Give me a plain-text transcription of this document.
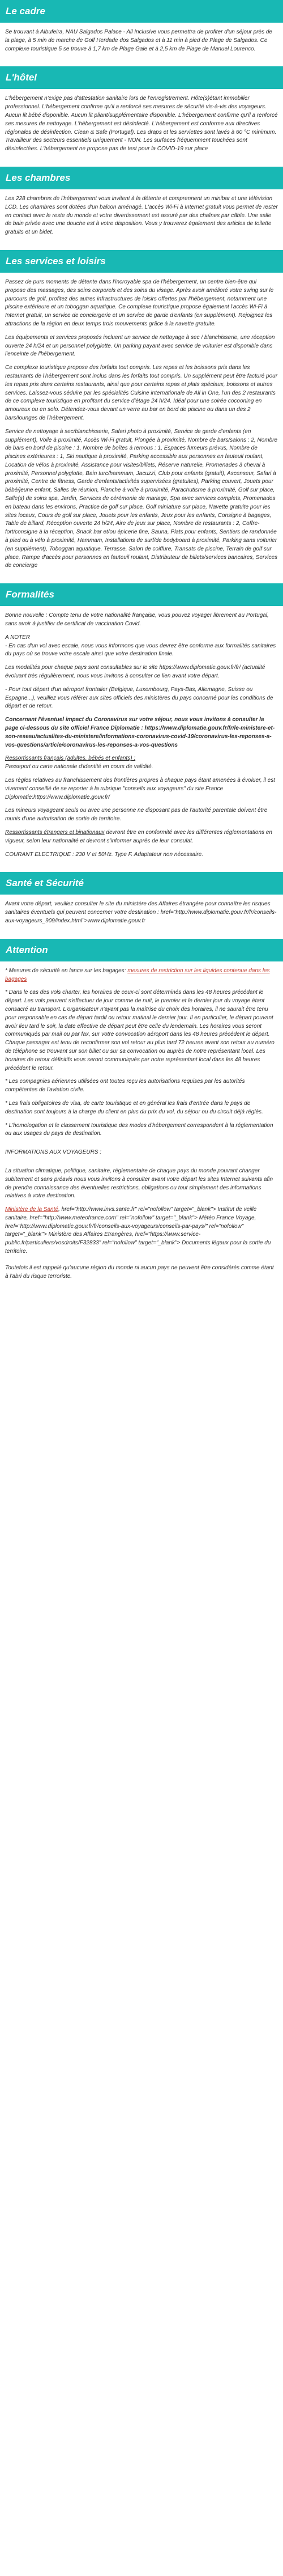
Le cadre

Se trouvant à Albufeira, NAU Salgados Palace - All Inclusive vous permettra de profiter d'un séjour près de la plage, à 5 min de marche de Golf Herdade dos Salgados et à 11 min à pied de Plage de Salgados. Ce complexe touristique 5 se trouve à 1,7 km de Plage Gale et à 2,5 km de Plage de Manuel Lourenco.

L'hôtel

L'hébergement n'exige pas d'attestation sanitaire lors de l'enregistrement. Hôte(s)étant immobilier professionnel. L'hébergement confirme qu'il a renforcé ses mesures de sécurité vis-à-vis des voyageurs. Aucun lit bébé disponible. Aucun lit pliant/supplémentaire disponible. L'hébergement confirme qu'il a renforcé ses mesures de nettoyage. L'hébergement est désinfecté. L'hébergement est conforme aux directives régionales de désinfection. Clean & Safe (Portugal). Les draps et les serviettes sont lavés à 60 °C minimum. Travailleur des secteurs essentiels uniquement - NON. Les surfaces fréquemment touchées sont désinfectées. L'hébergement ne propose pas de test pour la COVID-19 sur place

Les chambres

Les 228 chambres de l'hébergement vous invitent à la détente et comprennent un minibar et une télévision LCD. Les chambres sont dotées d'un balcon aménagé. L'accès Wi-Fi à Internet gratuit vous permet de rester en contact avec le reste du monde et votre divertissement est assuré par des chaînes par câble. Une salle de bain privée avec une douche est à votre disposition. Vous y trouverez également des articles de toilette gratuits et un bidet.

Les services et loisirs

Passez de purs moments de détente dans l'incroyable spa de l'hébergement, un centre bien-être qui propose des massages, des soins corporels et des soins du visage. Après avoir amélioré votre swing sur le parcours de golf, profitez des autres infrastructures de loisirs offertes par l'hébergement, notamment une piscine extérieure et un toboggan aquatique. Ce complexe touristique propose également l'accès Wi-Fi à Internet gratuit, un service de conciergerie et un service de garde d'enfants (en supplément). Rejoignez les attractions de la région en deux temps trois mouvements grâce à la navette gratuite.

Les équipements et services proposés incluent un service de nettoyage à sec / blanchisserie, une réception ouverte 24 h/24 et un personnel polyglotte. Un parking payant avec service de voiturier est disponible dans l'enceinte de l'hébergement.

Ce complexe touristique propose des forfaits tout compris. Les repas et les boissons pris dans les restaurants de l'hébergement sont inclus dans les forfaits tout compris. Un supplément peut être facturé pour les repas pris dans certains restaurants, ainsi que pour certains repas et plats spéciaux, boissons et autres services. Laissez-vous séduire par les spécialités Cuisine internationale de All in One, l'un des 2 restaurants de ce complexe touristique en profitant du service d'étage 24 h/24. Idéal pour une soirée cocooning en amoureux ou en solo. Détendez-vous devant un verre au bar en bord de piscine ou dans un des 2 bars/lounges de l'hébergement.

Service de nettoyage à sec/blanchisserie, Safari photo à proximité, Service de garde d'enfants (en supplément), Voile à proximité, Accès Wi-Fi gratuit, Plongée à proximité, Nombre de bars/salons : 2, Nombre de bars en bord de piscine : 1, Nombre de boîtes à remous : 1, Espaces fumeurs prévus, Nombre de piscines extérieures : 1, Ski nautique à proximité, Parking accessible aux personnes en fauteuil roulant, Location de vélos à proximité, Assistance pour visites/billets, Réserve naturelle, Promenades à cheval à proximité, Personnel polyglotte, Bain turc/hammam, Jacuzzi, Club pour enfants (gratuit), Ascenseur, Safari à proximité, Centre de fitness, Garde d'enfants/activités supervisées (gratuites), Parking couvert, Jouets pour bébé/jeune enfant, Salles de réunion, Planche à voile à proximité, Parachutisme à proximité, Golf sur place, Salle(s) de soins spa, Jardin, Services de cérémonie de mariage, Spa avec services complets, Promenades en bateau dans les environs, Practice de golf sur place, Golf miniature sur place, Navette gratuite pour les sites locaux, Cours de golf sur place, Jouets pour les enfants, Jeux pour les enfants, Consigne à bagages, Table de billard, Réception ouverte 24 h/24, Aire de jeux sur place, Nombre de restaurants : 2, Coffre-fort/consigne à la réception, Snack bar et/ou épicerie fine, Sauna, Plats pour enfants, Sentiers de randonnée à pied ou à vélo à proximité, Hammam, Installations de surf/de bodyboard à proximité, Parking sans voiturier (en supplément), Toboggan aquatique, Terrasse, Salon de coiffure, Transats de piscine, Terrain de golf sur place, Rampe d'accès pour personnes en fauteuil roulant, Distributeur de billets/services bancaires, Services de concierge

Formalités

Bonne nouvelle : Compte tenu de votre nationalité française, vous pouvez voyager librement au Portugal, sans avoir à justifier de certificat de vaccination Covid.

A NOTER

- En cas d'un vol avec escale, nous vous informons que vous devrez être conforme aux formalités sanitaires du pays où se trouve votre escale ainsi que votre destination finale.

Les modalités pour chaque pays sont consultables sur le site https://www.diplomatie.gouv.fr/fr/ (actualité évoluant très régulièrement, nous vous invitons à consulter ce lien avant votre départ.

- Pour tout départ d'un aéroport frontalier (Belgique, Luxembourg, Pays-Bas, Allemagne, Suisse ou Espagne...), veuillez vous référer aux sites officiels des ministères du pays concerné pour les conditions de départ et de retour.

Concernant l'éventuel impact du Coronavirus sur votre séjour, nous vous invitons à consulter la page ci-dessous du site officiel France Diplomatie : https://www.diplomatie.gouv.fr/fr/le-ministere-et-son-reseau/actualites-du-ministere/informations-coronavirus-covid-19/coronavirus-les-reponses-a-vos-questions/article/coronavirus-les-reponses-a-vos-questions

Ressortissants français (adultes, bébés et enfants) :

Passeport ou carte nationale d'identité en cours de validité.

Les règles relatives au franchissement des frontières propres à chaque pays étant amenées à évoluer, il est vivement conseillé de se reporter à la rubrique "conseils aux voyageurs" du site France Diplomatie:https://www.diplomatie.gouv.fr/

Les mineurs voyageant seuls ou avec une personne ne disposant pas de l'autorité parentale doivent être munis d'une autorisation de sortie de territoire.

Ressortissants étrangers et binationaux devront être en conformité avec les différentes réglementations en vigueur, selon leur nationalité et devront s'informer auprès de leur consulat.

COURANT ELECTRIQUE : 230 V et 50Hz. Type F. Adaptateur non nécessaire.

Santé et Sécurité

Avant votre départ, veuillez consulter le site du ministère des Affaires étrangère pour connaître les risques sanitaires éventuels qui peuvent concerner votre destination : href="http://www.diplomatie.gouv.fr/fr/conseils-aux-voyageurs_909/index.html">www.diplomatie.gouv.fr

Attention

* Mesures de sécurité en lance sur les bagages: mesures de restriction sur les liquides contenue dans les bagages

* Dans le cas des vols charter, les horaires de ceux-ci sont déterminés dans les 48 heures précédant le départ. Les vols peuvent s'effectuer de jour comme de nuit, le premier et le dernier jour du voyage étant consacré au transport. L'organisateur n'ayant pas la maîtrise du choix des horaires, il ne saurait être tenu pour responsable en cas de départ tardif ou retour matinal le dernier jour. Il en particulier, le départ pouvant avoir lieu tard le soir, la date effective de départ peut être celle du lendemain. Les horaires vous seront communiqués par mail ou par fax, sur votre convocation aéroport dans les 48 heures précédent le départ. Chaque passager est tenu de reconfirmer son vol retour au plus tard 72 heures avant son retour au numéro de téléphone se trouvant sur son billet ou sur sa convocation ou auprès de notre représentant local. Les horaires de retour définitifs vous seront communiqués par notre représentant local dans les 48 heures précédent le retour.

* Les compagnies aériennes utilisées ont toutes reçu les autorisations requises par les autorités compétentes de l'aviation civile.

* Les frais obligatoires de visa, de carte touristique et en général les frais d'entrée dans le pays de destination sont toujours à la charge du client en plus du prix du vol, du séjour ou du circuit déjà réglés.

* L'homologation et le classement touristique des modes d'hébergement correspondent à la réglementation ou aux usages du pays de destination.

INFORMATIONS AUX VOYAGEURS :

La situation climatique, politique, sanitaire, réglementaire de chaque pays du monde pouvant changer subitement et sans préavis nous vous invitons à consulter avant votre départ les sites Internet suivants afin de prendre connaissance des éventuelles restrictions, obligations ou tout simplement des informations relatives à votre destination.

Ministère de la Santé, href="http://www.invs.sante.fr" rel="nofollow" target="_blank"> Institut de veille sanitaire, href="http://www.meteofrance.com" rel="nofollow" target="_blank"> Météo France Voyage, href="http://www.diplomatie.gouv.fr/fr/conseils-aux-voyageurs/conseils-par-pays/" rel="nofollow" target="_blank"> Ministère des Affaires Etrangères, href="https://www.service-public.fr/particuliers/vosdroits/F32833" rel="nofollow" target="_blank"> Documents légaux pour la sortie du territoire.

Toutefois il est rappelé qu'aucune région du monde ni aucun pays ne peuvent être considérés comme étant à l'abri du risque terroriste.
